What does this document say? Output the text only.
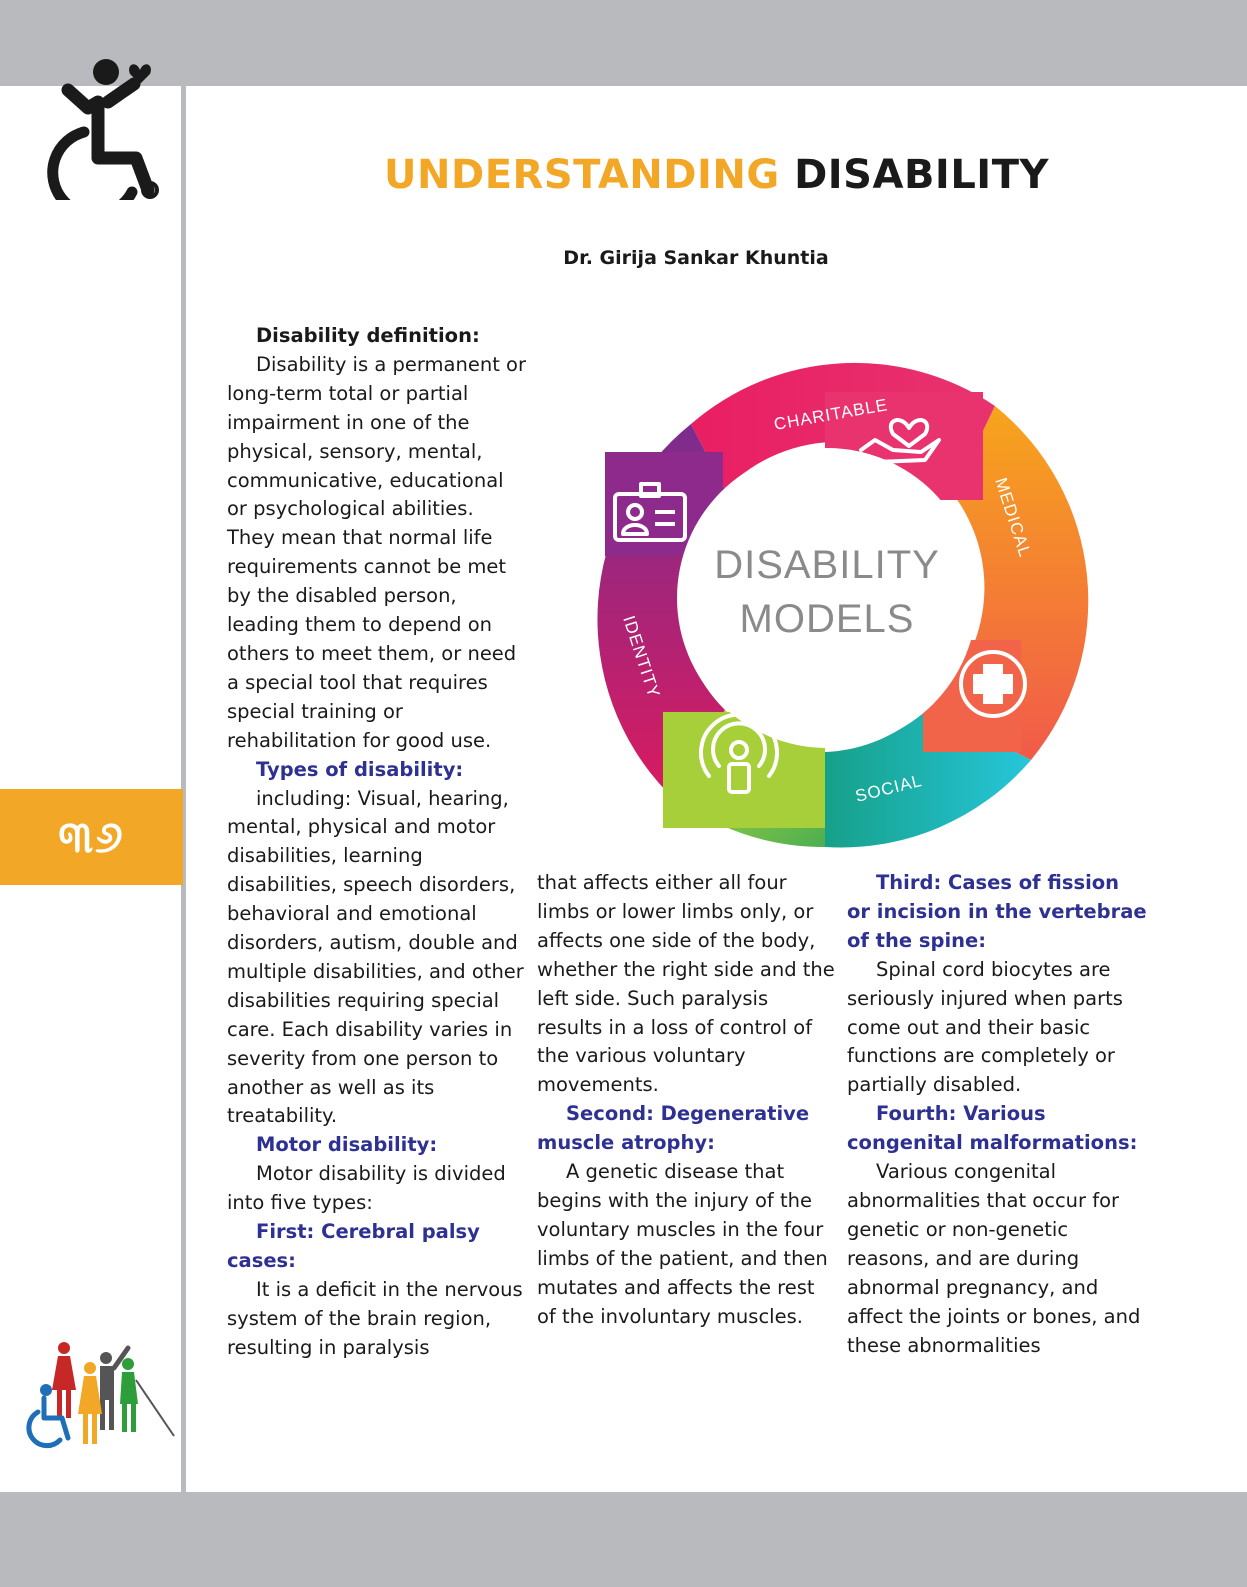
୩୬
UNDERSTANDING DISABILITY
Dr. Girija Sankar Khuntia
DISABILITY
MODELS
CHARITABLE
MEDICAL
SOCIAL
IDENTITY

Disability definition:

Disability is a permanent or long-term total or partial impairment in one of the physical, sensory, mental, communicative, educational or psychological abilities. They mean that normal life requirements cannot be met by the disabled person, leading them to depend on others to meet them, or need a special tool that requires special training or rehabilitation for good use.

Types of disability:

including: Visual, hearing, mental, physical and motor disabilities, learning disabilities, speech disorders, behavioral and emotional disorders, autism, double and multiple disabilities, and other disabilities requiring special care. Each disability varies in severity from one person to another as well as its treatability.

Motor disability:

Motor disability is divided into five types:

First: Cerebral palsy cases:

It is a deficit in the nervous system of the brain region, resulting in paralysis

that affects either all four limbs or lower limbs only, or affects one side of the body, whether the right side and the left side. Such paralysis results in a loss of control of the various voluntary movements.

Second: Degenerative muscle atrophy:

A genetic disease that begins with the injury of the voluntary muscles in the four limbs of the patient, and then mutates and affects the rest of the involuntary muscles.

Third: Cases of fission or incision in the vertebrae of the spine:

Spinal cord biocytes are seriously injured when parts come out and their basic functions are completely or partially disabled.

Fourth: Various congenital malformations:

Various congenital abnormalities that occur for genetic or non-genetic reasons, and are during abnormal pregnancy, and affect the joints or bones, and these abnormalities
